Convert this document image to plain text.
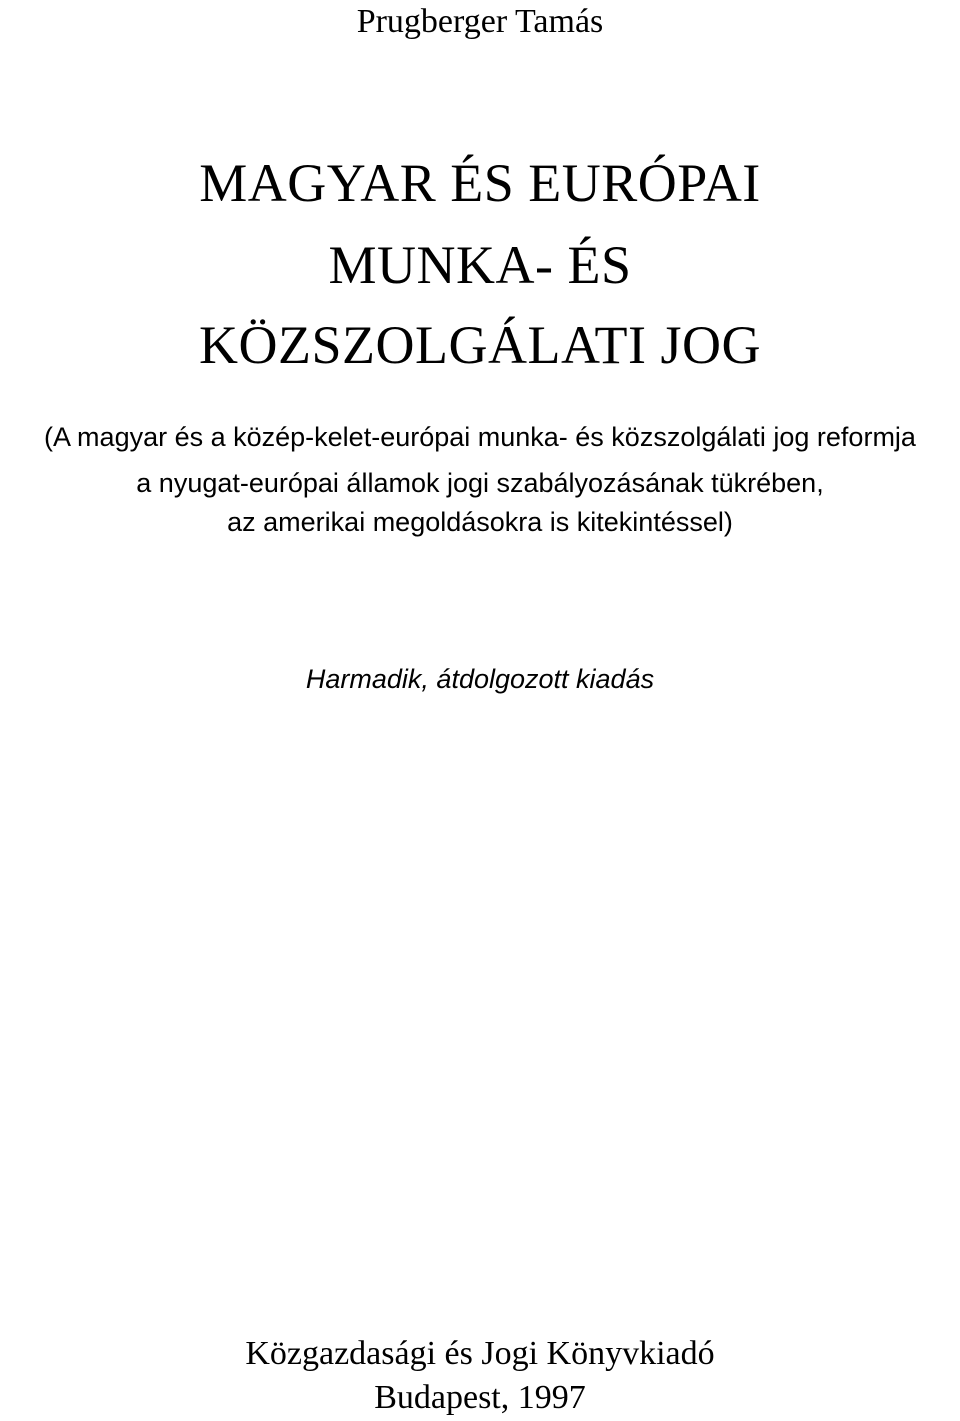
Prugberger Tamás

MAGYAR ÉS EURÓPAI

MUNKA- ÉS

KÖZSZOLGÁLATI JOG

(A magyar és a közép-kelet-európai munka- és közszolgálati jog reformja

a nyugat-európai államok jogi szabályozásának tükrében,

az amerikai megoldásokra is kitekintéssel)

Harmadik, átdolgozott kiadás

Közgazdasági és Jogi Könyvkiadó

Budapest, 1997
